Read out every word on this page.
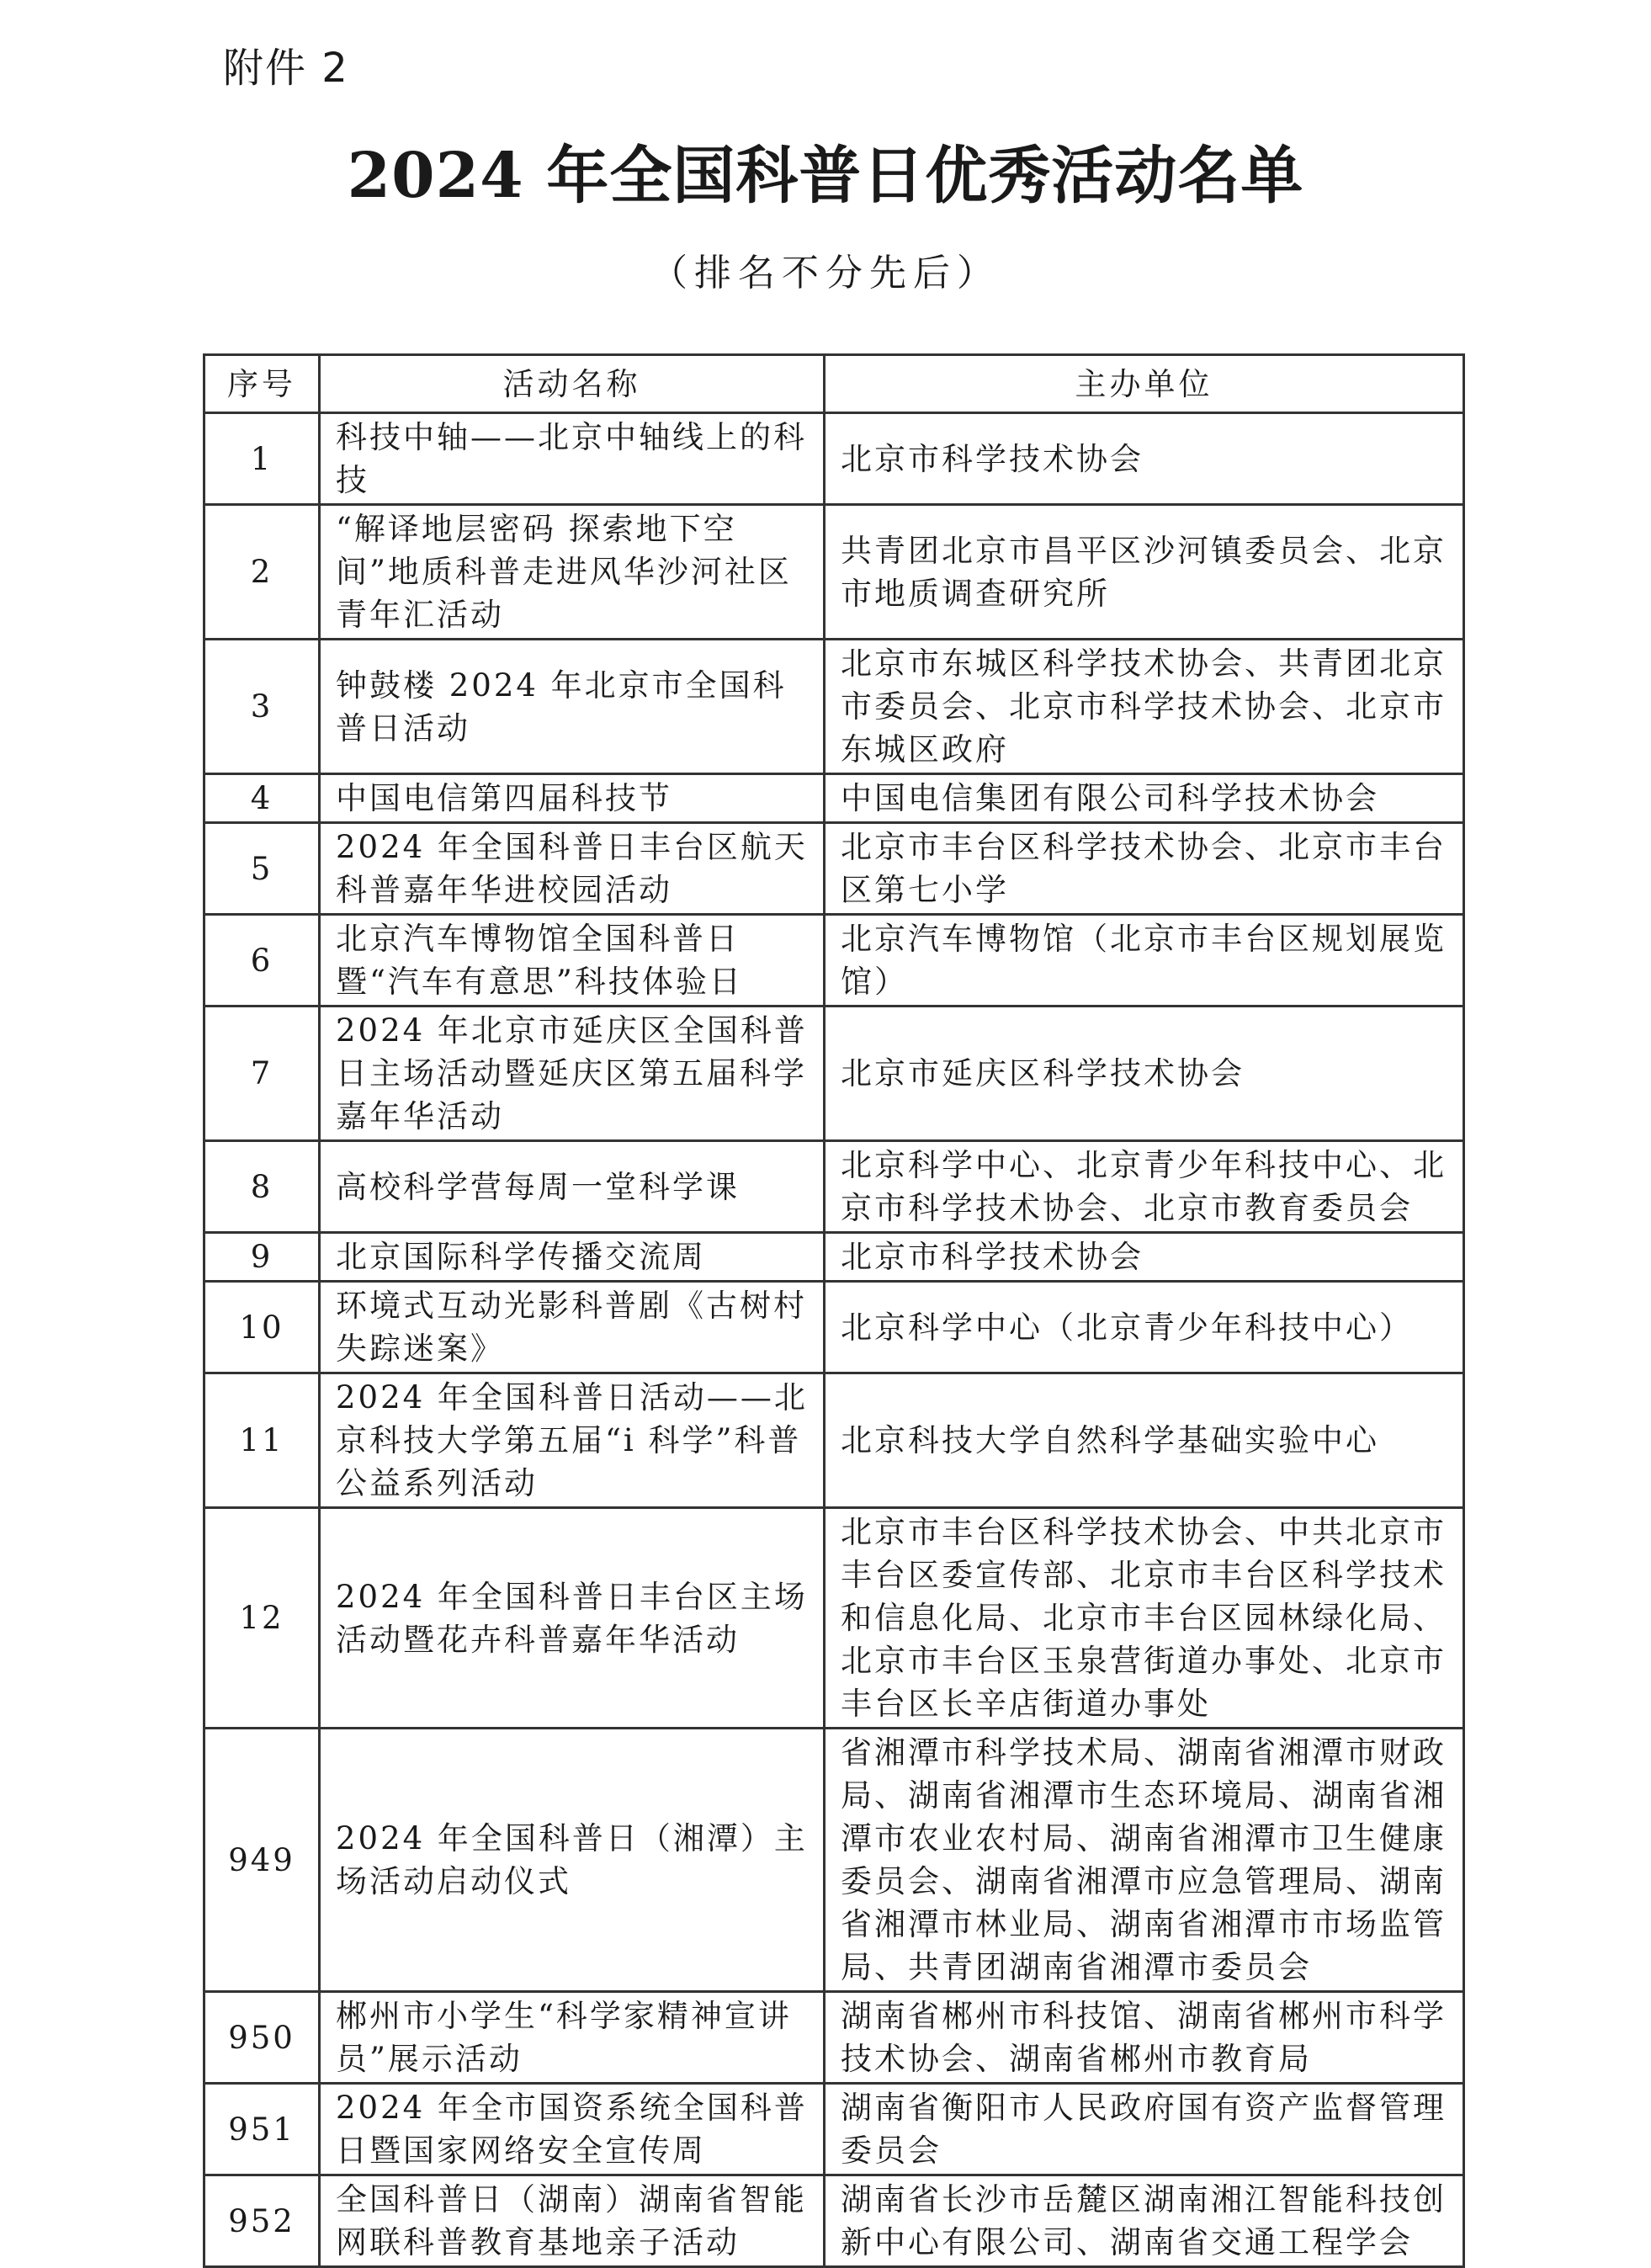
附件 2
2024 年全国科普日优秀活动名单
（排名不分先后）
序号	活动名称	主办单位
1	科技中轴——北京中轴线上的科技	北京市科学技术协会
2	“解译地层密码 探索地下空间”地质科普走进风华沙河社区青年汇活动	共青团北京市昌平区沙河镇委员会、北京市地质调查研究所
3	钟鼓楼 2024 年北京市全国科普日活动	北京市东城区科学技术协会、共青团北京市委员会、北京市科学技术协会、北京市东城区政府
4	中国电信第四届科技节	中国电信集团有限公司科学技术协会
5	2024 年全国科普日丰台区航天科普嘉年华进校园活动	北京市丰台区科学技术协会、北京市丰台区第七小学
6	北京汽车博物馆全国科普日暨“汽车有意思”科技体验日	北京汽车博物馆（北京市丰台区规划展览馆）
7	2024 年北京市延庆区全国科普日主场活动暨延庆区第五届科学嘉年华活动	北京市延庆区科学技术协会
8	高校科学营每周一堂科学课	北京科学中心、北京青少年科技中心、北京市科学技术协会、北京市教育委员会
9	北京国际科学传播交流周	北京市科学技术协会
10	环境式互动光影科普剧《古树村失踪迷案》	北京科学中心（北京青少年科技中心）
11	2024 年全国科普日活动——北京科技大学第五届“i 科学”科普公益系列活动	北京科技大学自然科学基础实验中心
12	2024 年全国科普日丰台区主场活动暨花卉科普嘉年华活动	北京市丰台区科学技术协会、中共北京市丰台区委宣传部、北京市丰台区科学技术和信息化局、北京市丰台区园林绿化局、北京市丰台区玉泉营街道办事处、北京市丰台区长辛店街道办事处
949	2024 年全国科普日（湘潭）主场活动启动仪式	省湘潭市科学技术局、湖南省湘潭市财政局、湖南省湘潭市生态环境局、湖南省湘潭市农业农村局、湖南省湘潭市卫生健康委员会、湖南省湘潭市应急管理局、湖南省湘潭市林业局、湖南省湘潭市市场监管局、共青团湖南省湘潭市委员会
950	郴州市小学生“科学家精神宣讲员”展示活动	湖南省郴州市科技馆、湖南省郴州市科学技术协会、湖南省郴州市教育局
951	2024 年全市国资系统全国科普日暨国家网络安全宣传周	湖南省衡阳市人民政府国有资产监督管理委员会
952	全国科普日（湖南）湖南省智能网联科普教育基地亲子活动	湖南省长沙市岳麓区湖南湘江智能科技创新中心有限公司、湖南省交通工程学会
